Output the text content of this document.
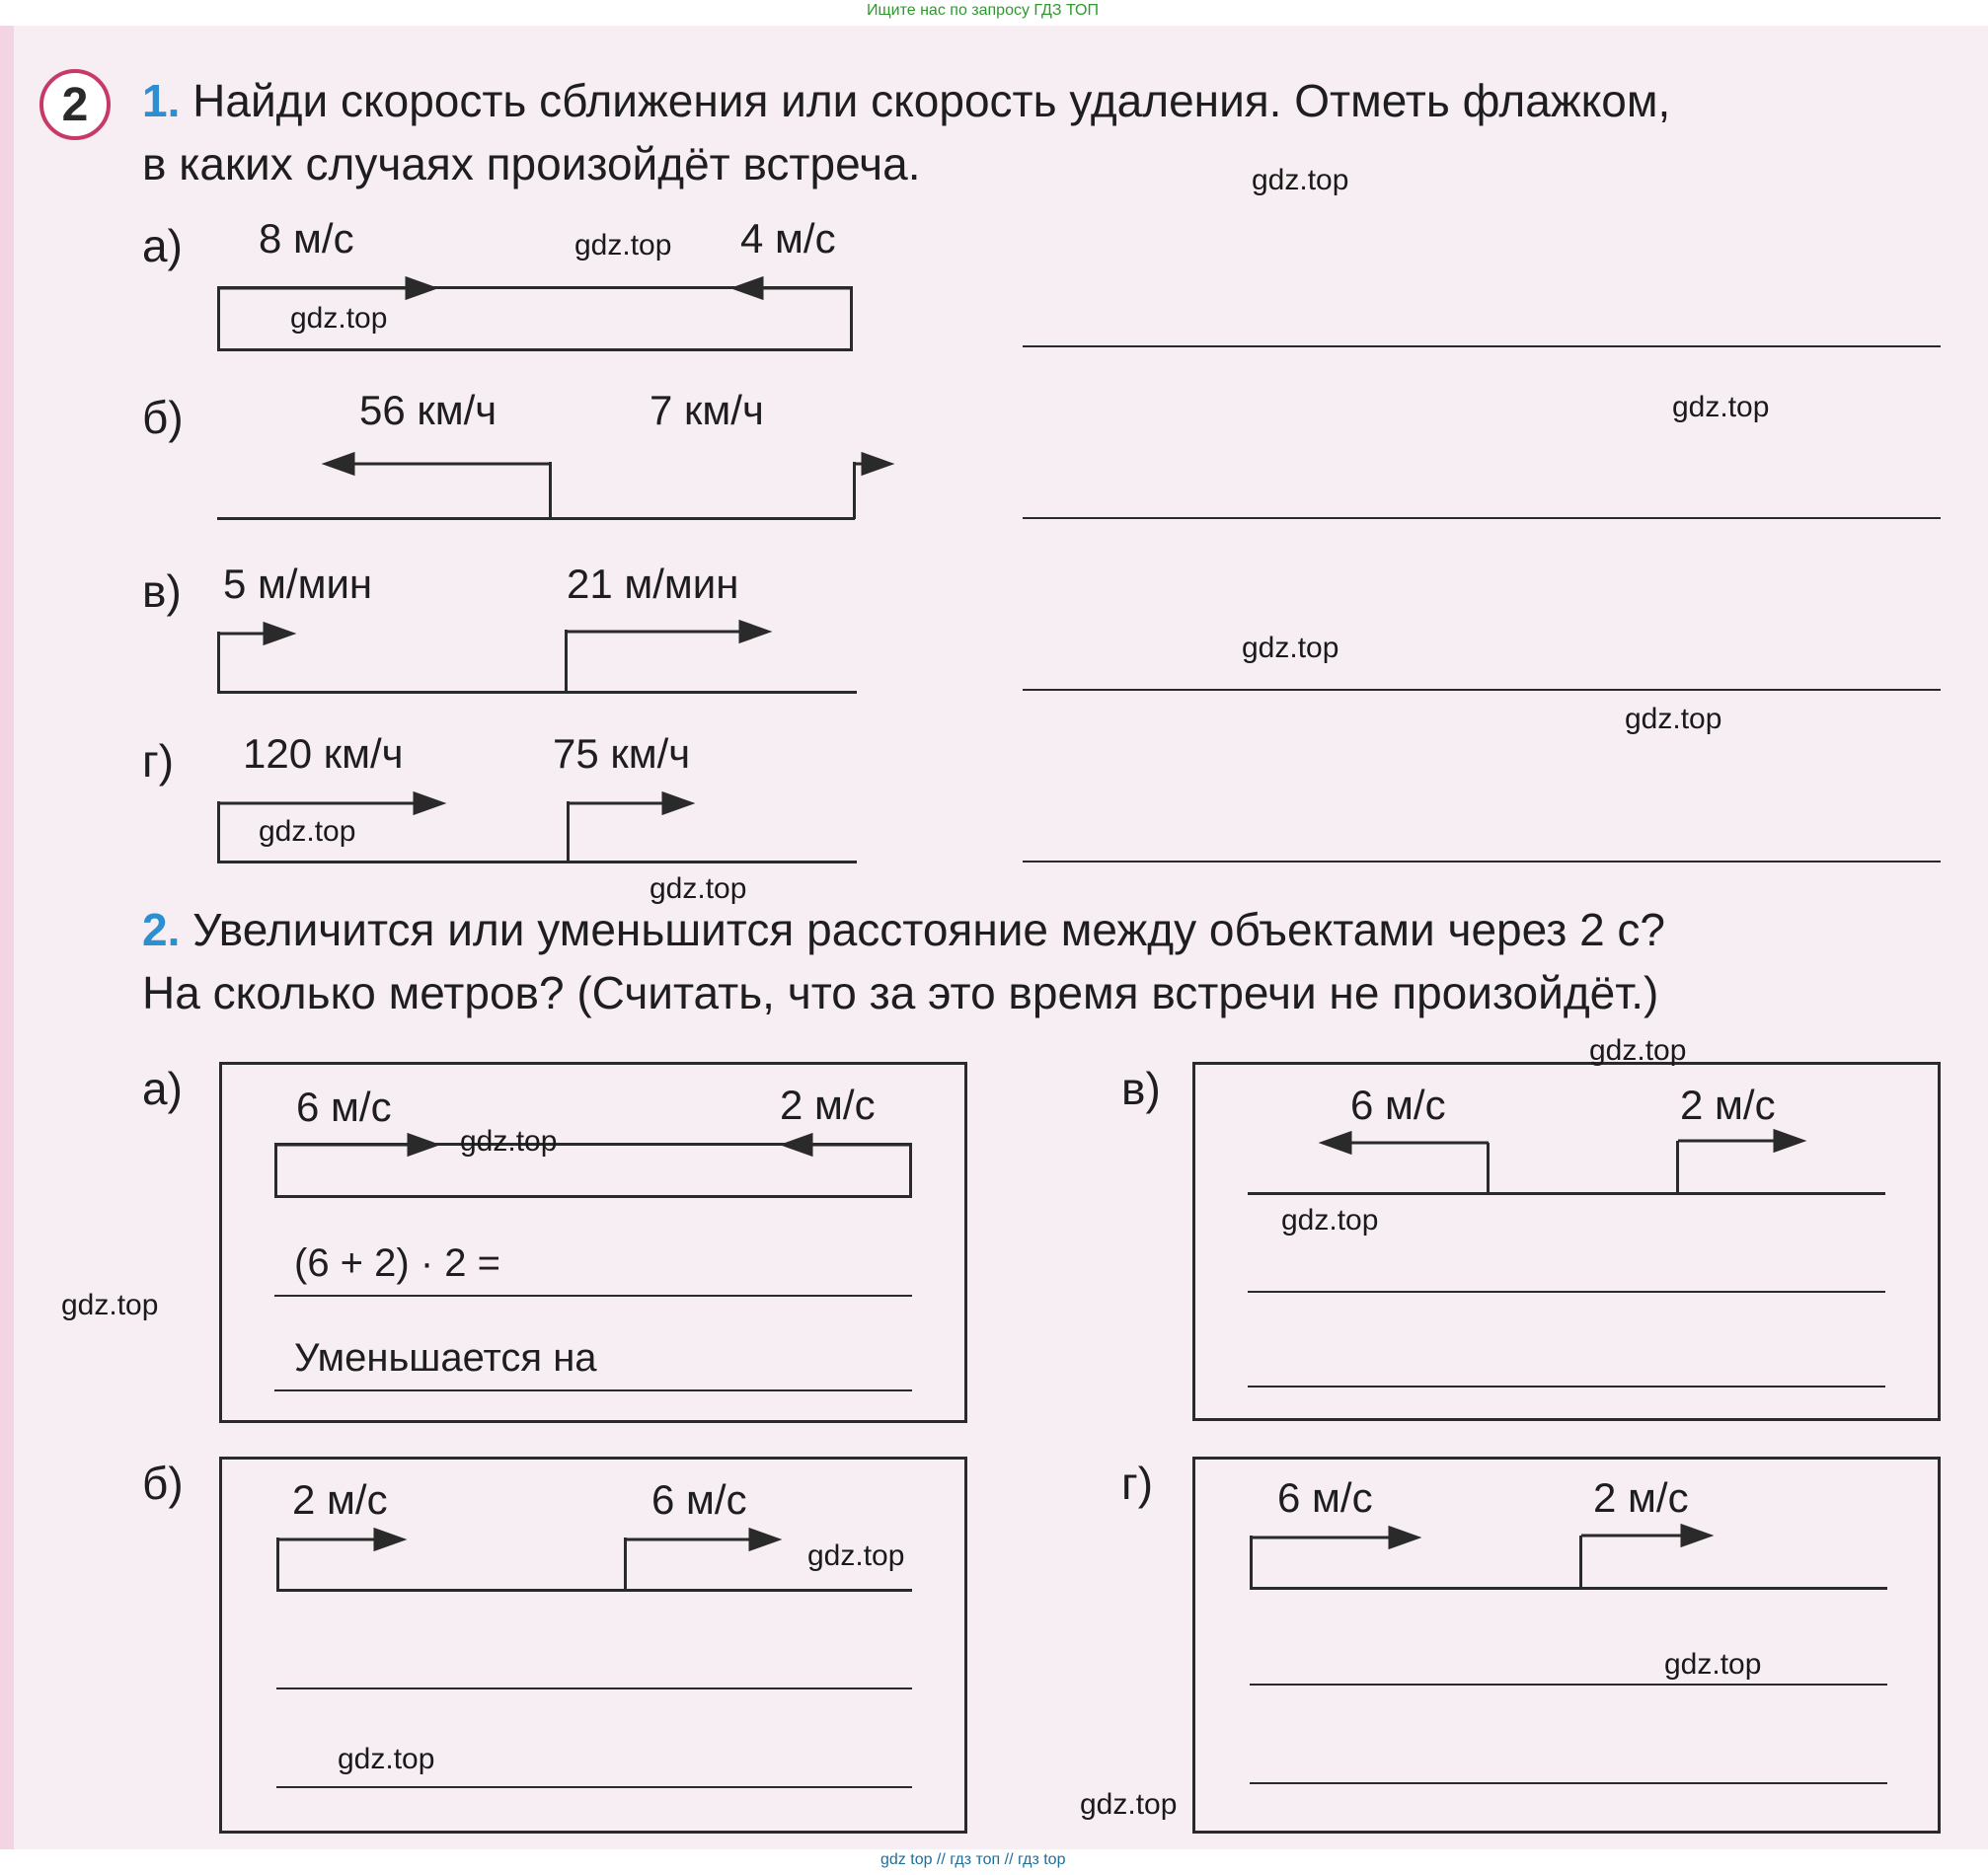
Ищите нас по запросу ГДЗ ТОП
gdz top // гдз топ // гдз top
2	1. Найди скорость сближения или скорость удаления. Отметь флажком,
в каких случаях произойдёт встреча.
а) 8 м/с	4 м/с
б)	56 км/ч	7 км/ч
в) 5 м/мин	21 м/мин
г) 120 км/ч	75 км/ч
2. Увеличится или уменьшится расстояние между объектами через 2 с?
На сколько метров? (Считать, что за это время встречи не произойдёт.)
а)	6 м/с	2 м/с
(6 + 2) · 2 =
Уменьшается на
б)	2 м/с	6 м/с
в)	6 м/с	2 м/с
г)	6 м/с	2 м/с
gdz.top
gdz.top
gdz.top
gdz.top
gdz.top
gdz.top
gdz.top
gdz.top
gdz.top
gdz.top
gdz.top
gdz.top
gdz.top
gdz.top
gdz.top
gdz.top
